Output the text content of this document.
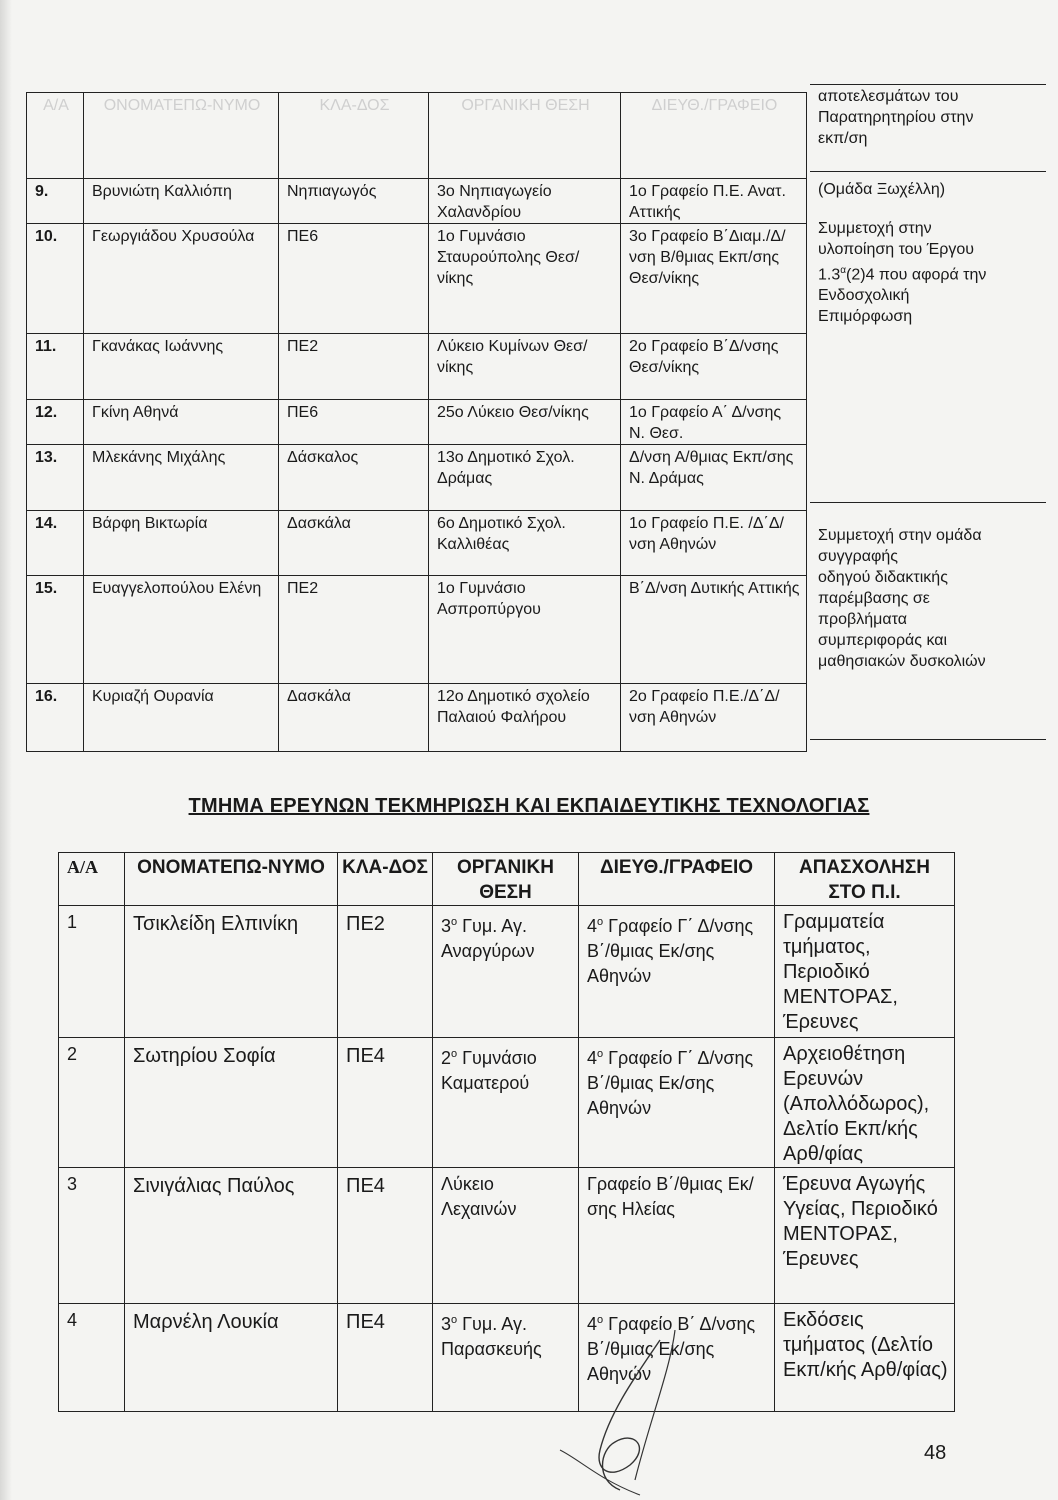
Α/Α	ΟΝΟΜΑΤΕΠΩ-ΝΥΜΟ	ΚΛΑ-ΔΟΣ	ΟΡΓΑΝΙΚΗ ΘΕΣΗ	ΔΙΕΥΘ./ΓΡΑΦΕΙΟ

9.	Βρυνιώτη Καλλιόπη	Νηπιαγωγός	3ο Νηπιαγωγείο Χαλανδρίου	1ο Γραφείο Π.Ε. Ανατ. Αττικής
10.	Γεωργιάδου Χρυσούλα	ΠΕ6	1ο Γυμνάσιο Σταυρούπολης Θεσ/νίκης	3ο Γραφείο Β΄Διαμ./Δ/νση Β/θμιας Εκπ/σης Θεσ/νίκης
11.	Γκανάκας Ιωάννης	ΠΕ2	Λύκειο Κυμίνων Θεσ/νίκης	2ο Γραφείο Β΄Δ/νσης Θεσ/νίκης
12.	Γκίνη Αθηνά	ΠΕ6	25ο Λύκειο Θεσ/νίκης	1ο Γραφείο Α΄ Δ/νσης Ν. Θεσ.
13.	Μλεκάνης Μιχάλης	Δάσκαλος	13ο Δημοτικό Σχολ. Δράμας	Δ/νση Α/θμιας Εκπ/σης Ν. Δράμας
14.	Βάρφη Βικτωρία	Δασκάλα	6ο Δημοτικό Σχολ. Καλλιθέας	1ο Γραφείο Π.Ε. /Δ΄Δ/νση Αθηνών
15.	Ευαγγελοπούλου Ελένη	ΠΕ2	1ο Γυμνάσιο Ασπροπύργου	Β΄Δ/νση Δυτικής Αττικής
16.	Κυριαζή Ουρανία	Δασκάλα	12ο Δημοτικό σχολείο Παλαιού Φαλήρου	2ο Γραφείο Π.Ε./Δ΄Δ/νση Αθηνών
αποτελεσμάτων του
Παρατηρητηρίου στην
εκπ/ση
(Ομάδα Ξωχέλλη)
Συμμετοχή στην
υλοποίηση του Έργου
$1.3^\alpha(2)4$ που αφορά την
Ενδοσχολική
Επιμόρφωση
Συμμετοχή στην ομάδα
συγγραφής
οδηγού διδακτικής
παρέμβασης σε
προβλήματα
συμπεριφοράς και
μαθησιακών δυσκολιών
ΤΜΗΜΑ ΕΡΕΥΝΩΝ ΤΕΚΜΗΡΙΩΣΗ ΚΑΙ ΕΚΠΑΙΔΕΥΤΙΚΗΣ ΤΕΧΝΟΛΟΓΙΑΣ
Α/Α	ΟΝΟΜΑΤΕΠΩ-ΝΥΜΟ	ΚΛΑ-ΔΟΣ	ΟΡΓΑΝΙΚΗ ΘΕΣΗ	ΔΙΕΥΘ./ΓΡΑΦΕΙΟ	ΑΠΑΣΧΟΛΗΣΗ ΣΤΟ Π.Ι.
1	Τσικλείδη Ελπινίκη	ΠΕ2	$3^o$ Γυμ. Αγ. Αναργύρων	$4^o$ Γραφείο Γ΄ Δ/νσης Β΄/θμιας Εκ/σης Αθηνών	Γραμματεία τμήματος, Περιοδικό ΜΕΝΤΟΡΑΣ, Έρευνες
2	Σωτηρίου Σοφία	ΠΕ4	$2^o$ Γυμνάσιο Καματερού	$4^o$ Γραφείο Γ΄ Δ/νσης Β΄/θμιας Εκ/σης Αθηνών	Αρχειοθέτηση Ερευνών (Απολλόδωρος), Δελτίο Εκπ/κής Αρθ/φίας
3	Σινιγάλιας Παύλος	ΠΕ4	Λύκειο Λεχαινών	Γραφείο Β΄/θμιας Εκ/σης Ηλείας	Έρευνα Αγωγής Υγείας, Περιοδικό ΜΕΝΤΟΡΑΣ, Έρευνες
4	Μαρνέλη Λουκία	ΠΕ4	$3^o$ Γυμ. Αγ. Παρασκευής	$4^o$ Γραφείο Β΄ Δ/νσης Β΄/θμιας Εκ/σης Αθηνών	Εκδόσεις τμήματος (Δελτίο Εκπ/κής Αρθ/φίας)
48
